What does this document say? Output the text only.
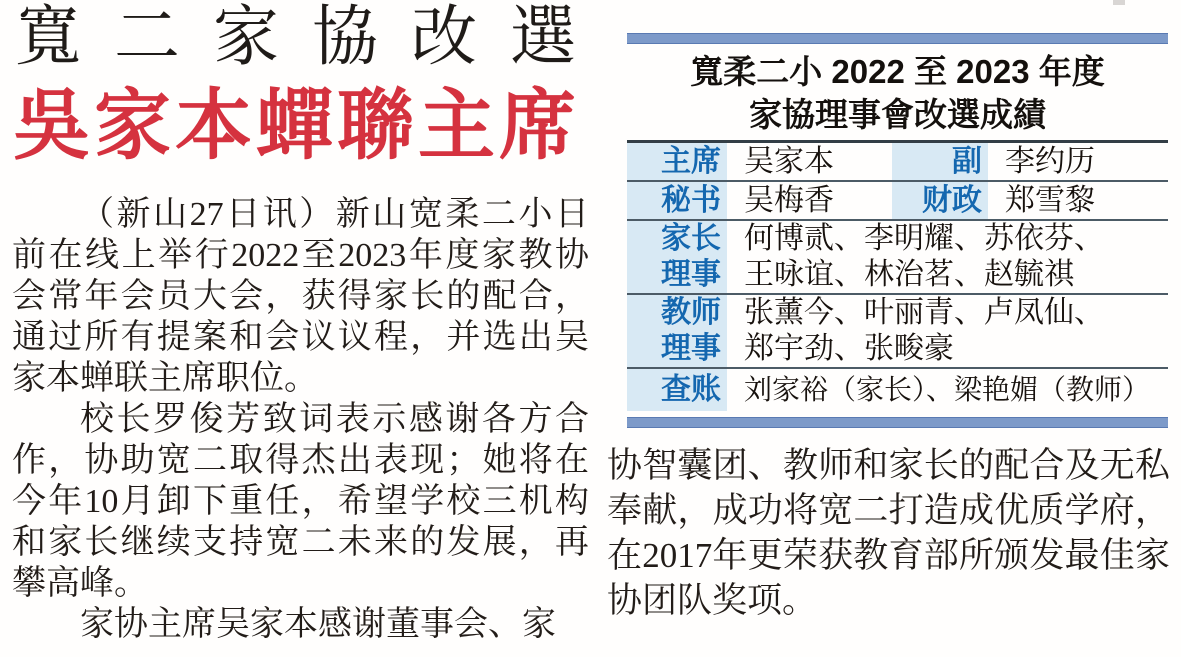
寬二家協改選
吳家本蟬聯主席

（新山27日讯）新山宽柔二小日前在线上举行2022至2023年度家教协会常年会员大会，获得家长的配合，通过所有提案和会议议程，并选出吴家本蝉联主席职位。

校长罗俊芳致词表示感谢各方合作，协助宽二取得杰出表现；她将在今年10月卸下重任，希望学校三机构和家长继续支持宽二未来的发展，再攀高峰。

家协主席吴家本感谢董事会、家

寬柔二小 2022 至 2023 年度
家協理事會改選成績
主席 吴家本	副 李约历
秘书 吴梅香	财政 郑雪黎
家长
理事
何博贰、李明耀、苏依芬、
王咏谊、林治茗、赵毓祺
教师
理事
张薰今、叶丽青、卢凤仙、
郑宇劲、张畯豪
查账 刘家裕（家长）、梁艳媚（教师）

协智囊团、教师和家长的配合及无私奉献，成功将宽二打造成优质学府，在2017年更荣获教育部所颁发最佳家协团队奖项。
